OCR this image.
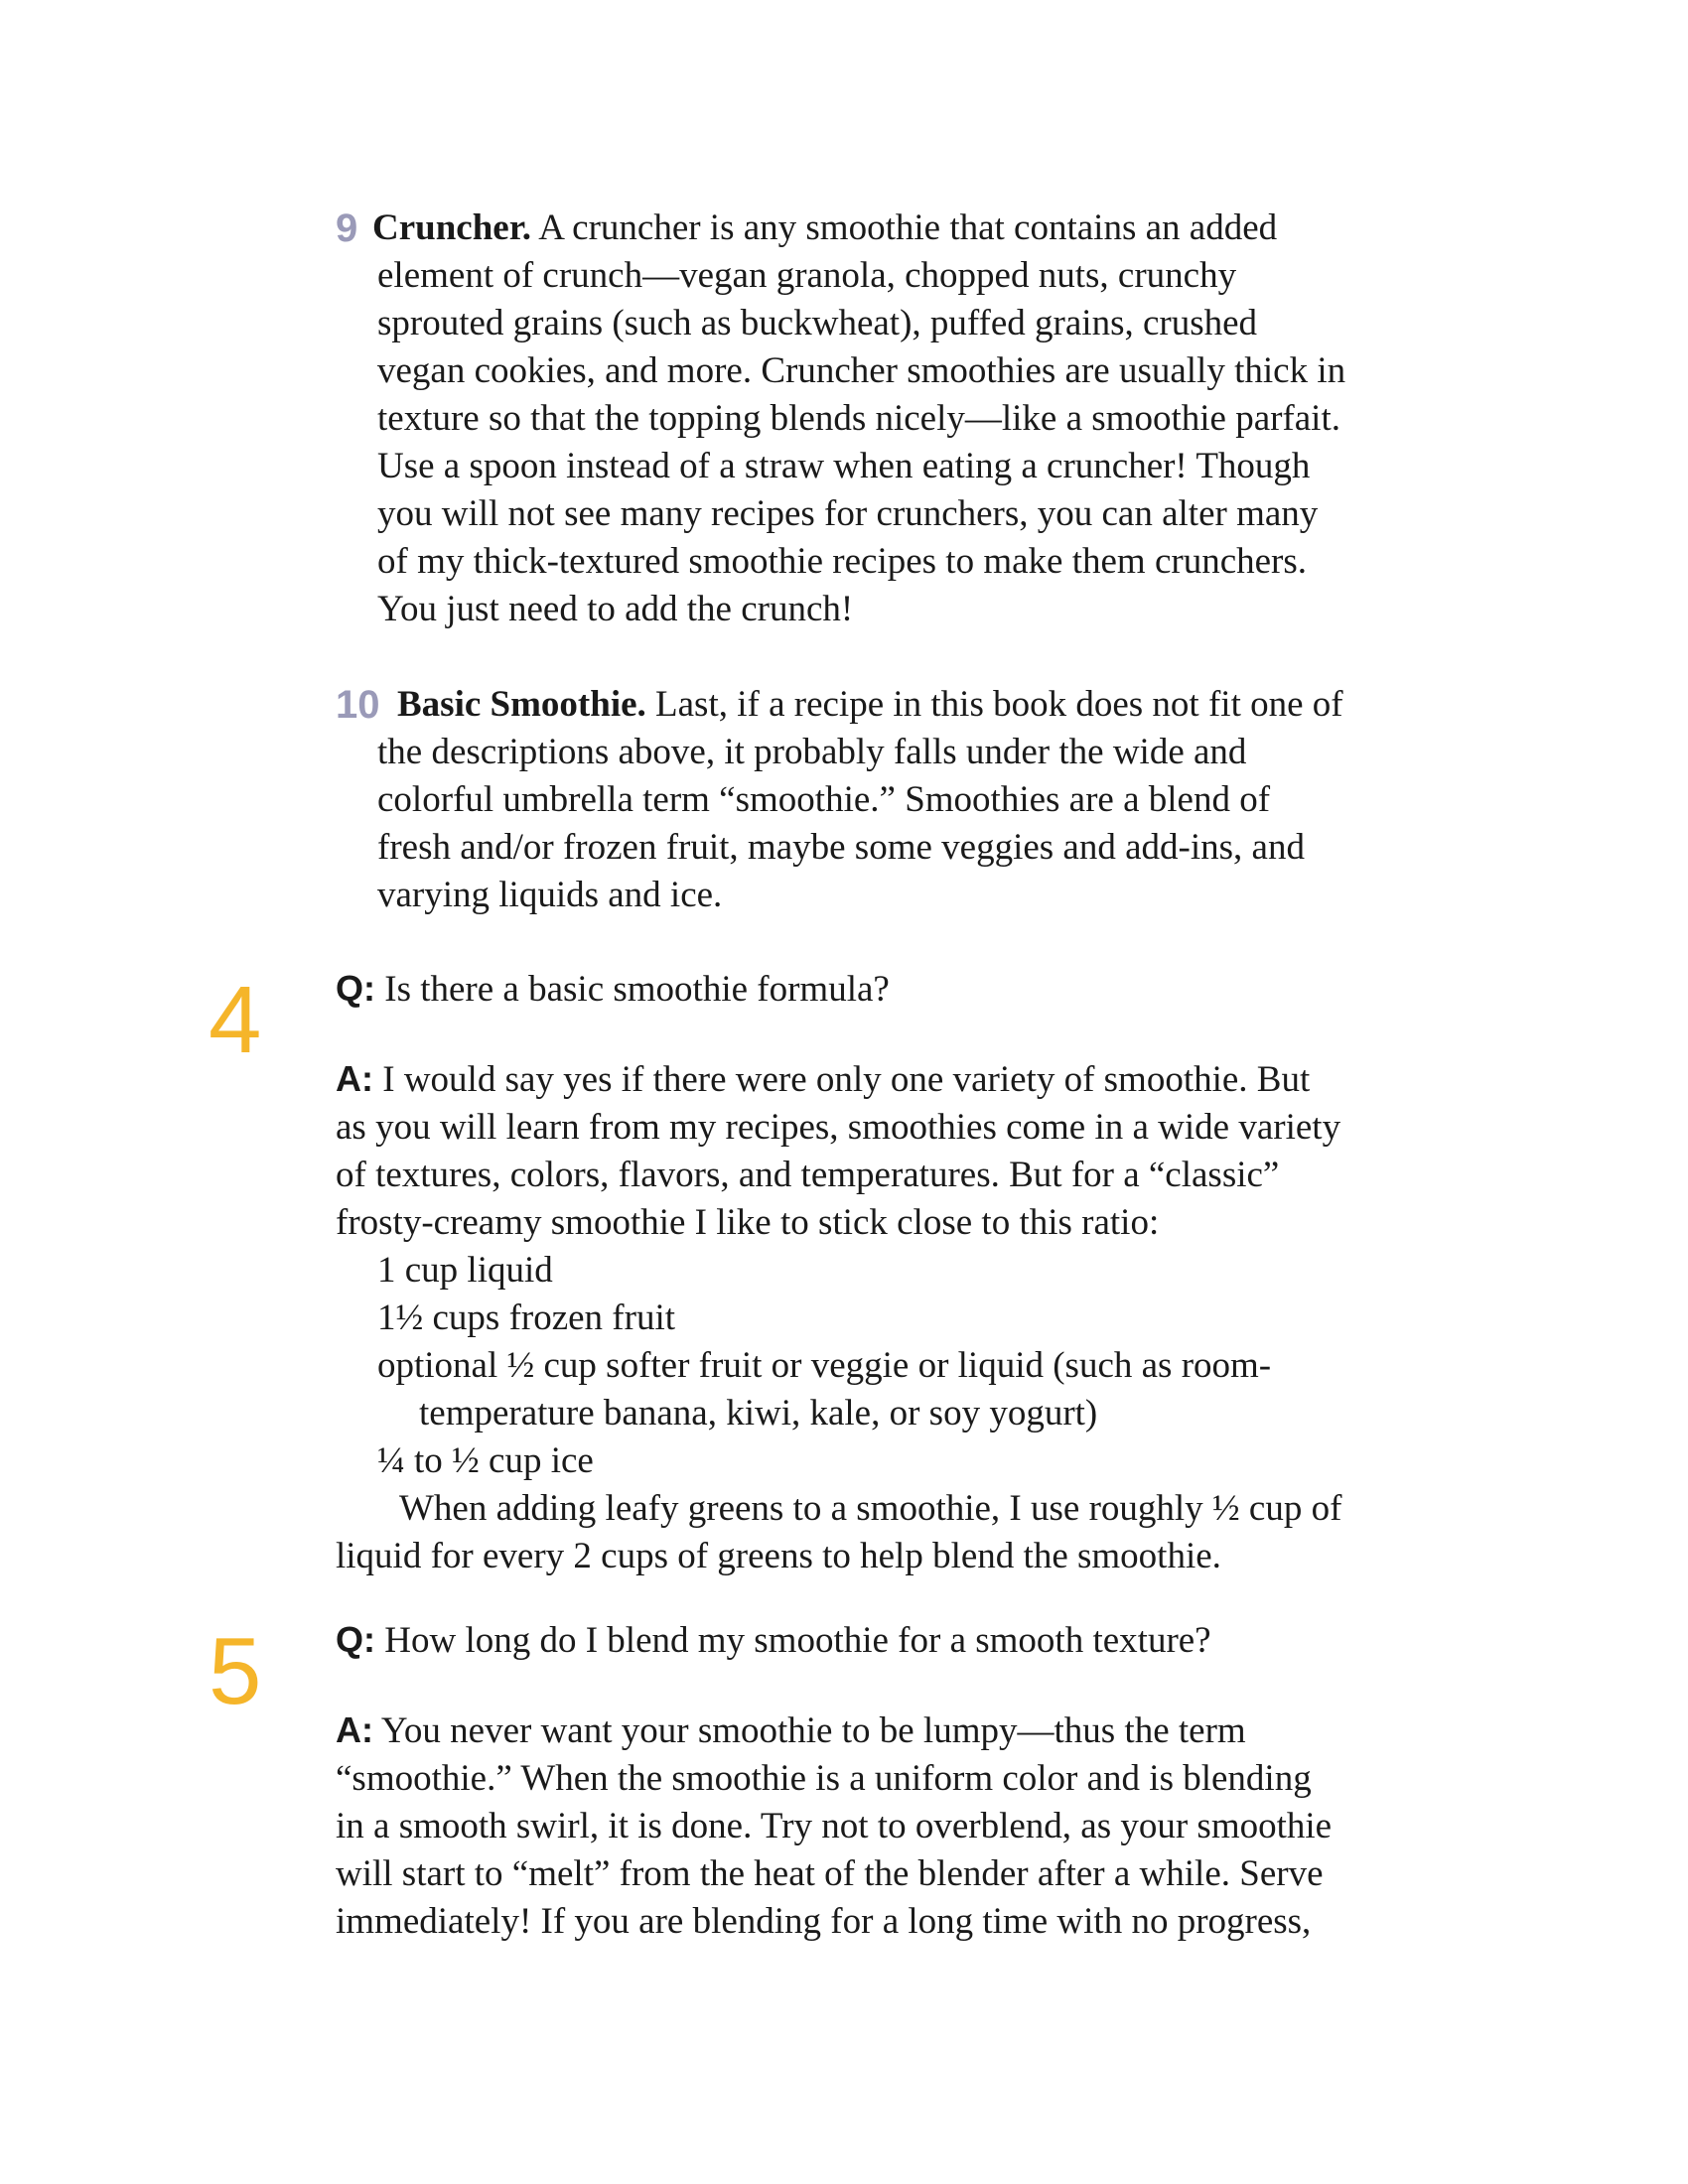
9 Cruncher. A cruncher is any smoothie that contains an added
element of crunch—vegan granola, chopped nuts, crunchy
sprouted grains (such as buckwheat), puffed grains, crushed
vegan cookies, and more. Cruncher smoothies are usually thick in
texture so that the topping blends nicely—like a smoothie parfait.
Use a spoon instead of a straw when eating a cruncher! Though
you will not see many recipes for crunchers, you can alter many
of my thick-textured smoothie recipes to make them crunchers.
You just need to add the crunch!
10 Basic Smoothie. Last, if a recipe in this book does not fit one of
the descriptions above, it probably falls under the wide and
colorful umbrella term “smoothie.” Smoothies are a blend of
fresh and/or frozen fruit, maybe some veggies and add-ins, and
varying liquids and ice.
4 Q: Is there a basic smoothie formula?
A: I would say yes if there were only one variety of smoothie. But
as you will learn from my recipes, smoothies come in a wide variety
of textures, colors, flavors, and temperatures. But for a “classic”
frosty-creamy smoothie I like to stick close to this ratio:
1 cup liquid
1½ cups frozen fruit
optional ½ cup softer fruit or veggie or liquid (such as room-
temperature banana, kiwi, kale, or soy yogurt)
¼ to ½ cup ice
When adding leafy greens to a smoothie, I use roughly ½ cup of
liquid for every 2 cups of greens to help blend the smoothie.
5 Q: How long do I blend my smoothie for a smooth texture?
A: You never want your smoothie to be lumpy—thus the term
“smoothie.” When the smoothie is a uniform color and is blending
in a smooth swirl, it is done. Try not to overblend, as your smoothie
will start to “melt” from the heat of the blender after a while. Serve
immediately! If you are blending for a long time with no progress,
